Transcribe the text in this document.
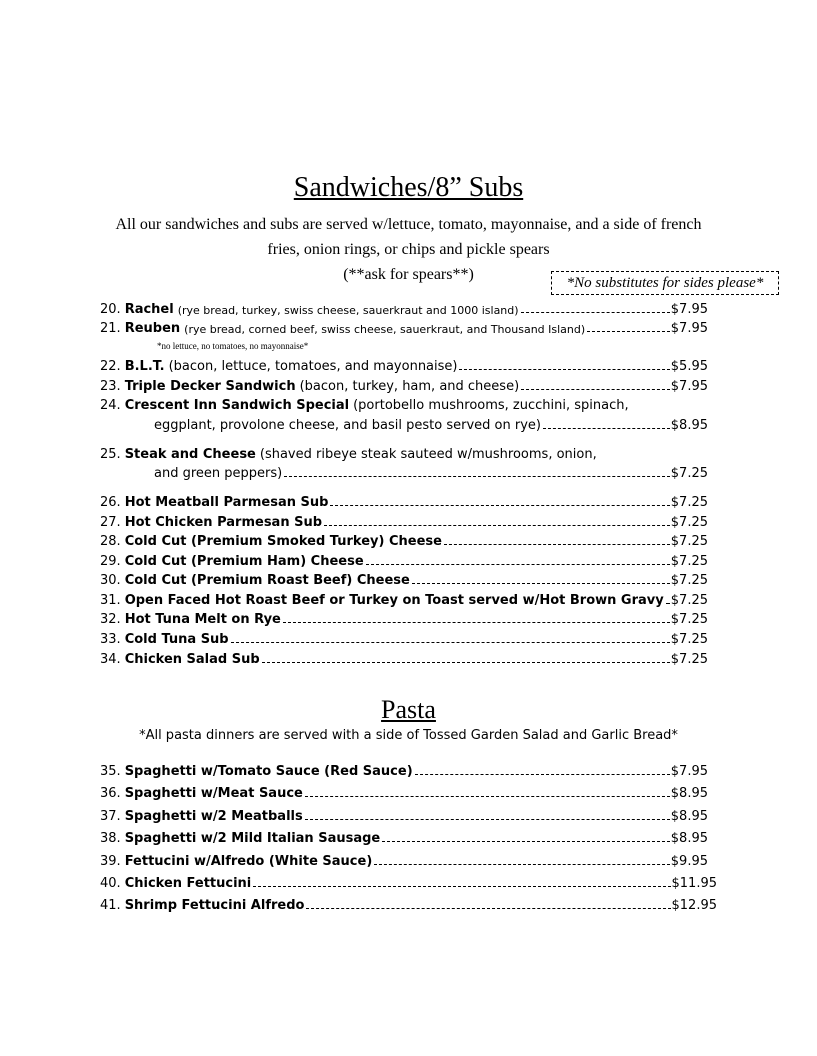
Sandwiches/8” Subs
All our sandwiches and subs are served w/lettuce, tomato, mayonnaise, and a side of french
fries, onion rings, or chips and pickle spears
(**ask for spears**)	*No substitutes for sides please*
20. Rachel (rye bread, turkey, swiss cheese, sauerkraut and 1000 island)	$7.95
21. Reuben (rye bread, corned beef, swiss cheese, sauerkraut, and Thousand Island)	$7.95
*no lettuce, no tomatoes, no mayonnaise*
22. B.L.T. (bacon, lettuce, tomatoes, and mayonnaise)	$5.95
23. Triple Decker Sandwich (bacon, turkey, ham, and cheese)	$7.95
24. Crescent Inn Sandwich Special (portobello mushrooms, zucchini, spinach,
eggplant, provolone cheese, and basil pesto served on rye)	$8.95
25. Steak and Cheese (shaved ribeye steak sauteed w/mushrooms, onion,
and green peppers)	$7.25
26. Hot Meatball Parmesan Sub	$7.25
27. Hot Chicken Parmesan Sub	$7.25
28. Cold Cut (Premium Smoked Turkey) Cheese	$7.25
29. Cold Cut (Premium Ham) Cheese	$7.25
30. Cold Cut (Premium Roast Beef) Cheese	$7.25
31. Open Faced Hot Roast Beef or Turkey on Toast served w/Hot Brown Gravy $7.25
32. Hot Tuna Melt on Rye	$7.25
33. Cold Tuna Sub	$7.25
34. Chicken Salad Sub	$7.25
Pasta
*All pasta dinners are served with a side of Tossed Garden Salad and Garlic Bread*
35. Spaghetti w/Tomato Sauce (Red Sauce)	$7.95
36. Spaghetti w/Meat Sauce	$8.95
37. Spaghetti w/2 Meatballs	$8.95
38. Spaghetti w/2 Mild Italian Sausage	$8.95
39. Fettucini w/Alfredo (White Sauce)	$9.95
40. Chicken Fettucini	$11.95
41. Shrimp Fettucini Alfredo	$12.95
